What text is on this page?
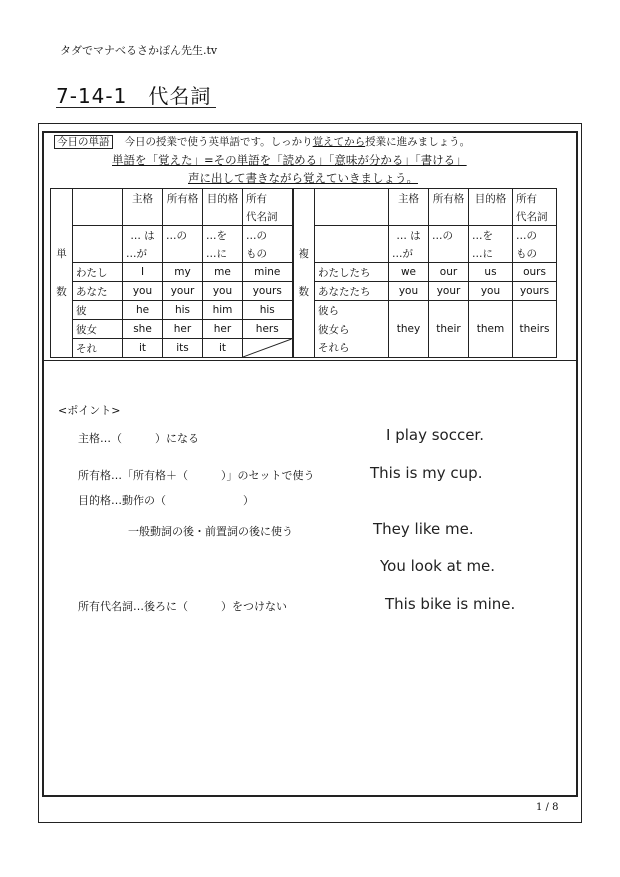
タダでマナべるさかぽん先生.tv
7-14-1　代名詞
今日の単語 今日の授業で使う英単語です。しっかり覚えてから授業に進みましょう。
単語を「覚えた」=その単語を「読める」「意味が分かる」「書ける」
声に出して書きながら覚えていきましょう。
		主格	所有格	目的格	所有			主格	所有格	目的格	所有
					代名詞						代名詞
		… は	…の	…を	…の			… は	…の	…を	…の
単		…が		…に	もの	複		…が		…に	もの
	わたし	I	my	me	mine		わたしたち	we	our	us	ours
数	あなた	you	your	you	yours	数	あなたたち	you	your	you	yours
	彼	he	his	him	his		彼ら	they	their	them	theirs
	彼女	she	her	her	hers		彼女ら				
	それ	it	its	it			それら				
<ポイント>
主格…（　　　）になる
所有格…「所有格＋（　　　）」のセットで使う
目的格…動作の（　　　　　　　）
一般動詞の後・前置詞の後に使う
所有代名詞…後ろに（　　　）をつけない
I play soccer.
This is my cup.
They like me.
You look at me.
This bike is mine.
1 / 8
